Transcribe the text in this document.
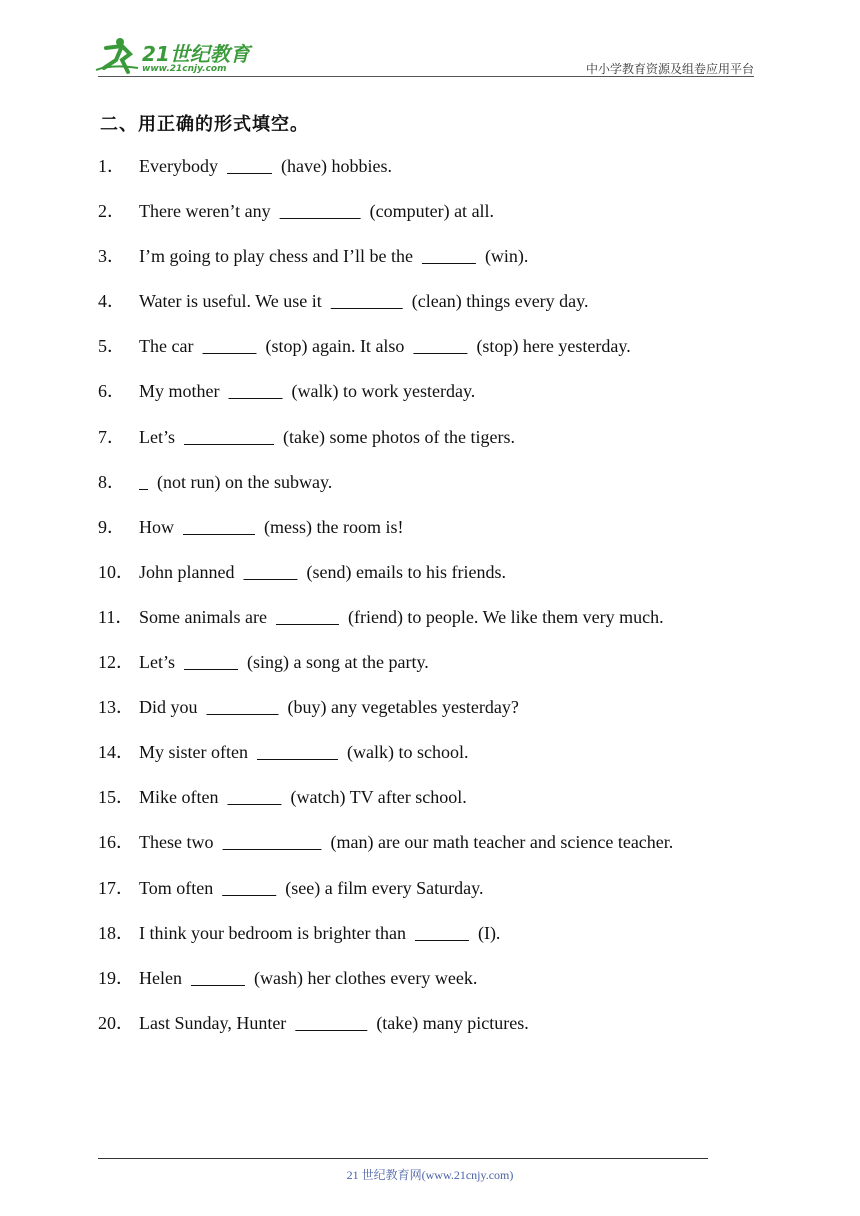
21世纪教育
www.21cnjy.com	中小学教育资源及组卷应用平台
二、用正确的形式填空。
1． Everybody	(have) hobbies.
2． There weren’t any	(computer) at all.
3． I’m going to play chess and I’ll be the	(win).
4． Water is useful. We use it	(clean) things every day.
5． The car	(stop) again. It also	(stop) here yesterday.
6． My mother	(walk) to work yesterday.
7． Let’s	(take) some photos of the tigers.
8． (not run) on the subway.
9． How	(mess) the room is!
10． John planned	(send) emails to his friends.
11． Some animals are	(friend) to people. We like them very much.
12． Let’s	(sing) a song at the party.
13． Did you	(buy) any vegetables yesterday?
14． My sister often	(walk) to school.
15． Mike often	(watch) TV after school.
16． These two	(man) are our math teacher and science teacher.
17． Tom often	(see) a film every Saturday.
18． I think your bedroom is brighter than	(I).
19． Helen	(wash) her clothes every week.
20． Last Sunday, Hunter	(take) many pictures.
21 世纪教育网(www.21cnjy.com)
